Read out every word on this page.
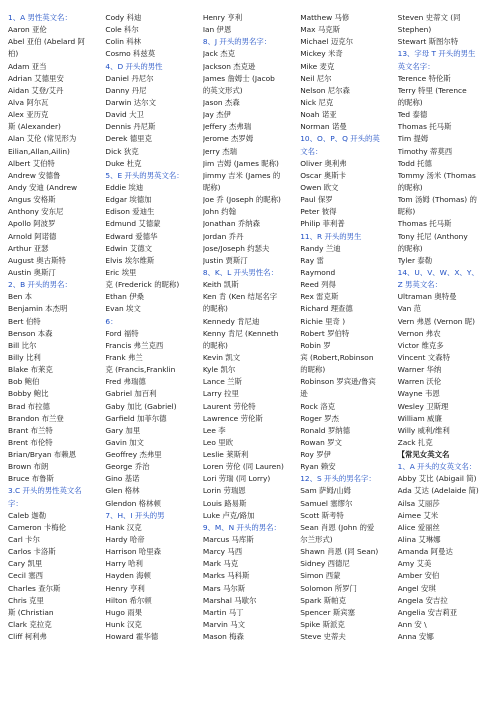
1、A 男性英文名：
Aaron 亚伦
Abel 亚伯 (Abelard 阿
柏)
Adam 亚当
Adrian 艾德里安
Aidan 艾登/艾丹
Alva 阿尔瓦
Alex 亚历克
斯 (Alexander)
Alan 艾伦 (常见形为
Eilian,Allan,Ailin)
Albert 艾伯特
Andrew 安德鲁
Andy 安迪 (Andrew
Angus 安格斯
Anthony 安东尼
Apollo 阿波罗
Arnold 阿诺德
Arthur 亚瑟
August 奥古斯特
Austin 奥斯汀
2、B 开头的男名：
Ben 本
Benjamin 本杰明
Bert 伯特
Benson 本森
Bill 比尔
Billy 比利
Blake 布莱克
Bob 鲍伯
Bobby 鲍比
Brad 布拉德
Brandon 布兰登
Brant 布兰特
Brent 布伦特
Brian/Bryan 布赖恩
Brown 布朗
Bruce 布鲁斯
3.C 开头的男性英文名
字：
Caleb 迦勒
Cameron 卡梅伦
Carl 卡尔
Carlos 卡洛斯
Cary 凯里
Cecil 塞西
Charles 查尔斯
Chris 克里
斯 (Christian
Clark 克拉克
Cliff 柯利弗
Cody 科迪
Cole 科尔
Colin 科林
Cosmo 科兹莫
4、D 开头的男性
Daniel 丹尼尔
Danny 丹尼
Darwin 达尔文
David 大卫
Dennis 丹尼斯
Derek 德里克
Dick 狄克
Duke 杜克
5、E 开头的男英文名：
Eddie 埃迪
Edgar 埃德加
Edison 爱迪生
Edmund 艾德蒙
Edward 爱德华
Edwin 艾德文
Elvis 埃尔维斯
Eric 埃里
克 (Frederick 的昵称)
Ethan 伊桑
Evan 埃文
6：
Ford 福特
Francis 弗兰克西
Frank 弗兰
克 (Francis,Franklin
Fred 弗瑞德
Gabriel 加百利
Gaby 加比 (Gabriel)
Garfield 加菲尔德
Gary 加里
Gavin 加文
Geoffrey 杰弗里
George 乔治
Gino 基诺
Glen 格林
Glendon 格林顿
7、H、I 开头的男
Hank 汉克
Hardy 哈帝
Harrison 哈里森
Harry 哈利
Hayden 海顿
Henry 亨利
Hilton 希尔顿
Hugo 雨果
Hunk 汉克
Howard 霍华德
Henry 亨利
Ian 伊恩
8、J 开头的男名字：
Jack 杰克
Jackson 杰克逊
James 詹姆士 (Jacob
的英文形式)
Jason 杰森
Jay 杰伊
Jeffery 杰弗瑞
Jerome 杰罗姆
Jerry 杰瑞
Jim 吉姆 (James 昵称)
Jimmy 吉米 (James 的
昵称)
Joe 乔 (Joseph 的昵称)
John 约翰
Jonathan 乔纳森
Jordan 乔丹
Jose/Joseph 约瑟夫
Justin 贾斯汀
8、K、L 开头男性名：
Keith 凯斯
Ken 肯 (Ken 结尾名字
的昵称)
Kennedy 肯尼迪
Kenny 肯尼 (Kenneth
的昵称)
Kevin 凯文
Kyle 凯尔
Lance 兰斯
Larry 拉里
Laurent 劳伦特
Lawrence 劳伦斯
Lee 李
Leo 里欧
Leslie 莱斯利
Loren 劳伦 (同 Lauren)
Lori 劳瑞 (同 Lorry)
Lorin 劳瑞恩
Louis 路易斯
Luke 卢克/路加
9、M、N 开头的男名：
Marcus 马库斯
Marcy 马西
Mark 马克
Marks 马科斯
Mars 马尔斯
Marshal 马歇尔
Martin 马丁
Marvin 马文
Mason 梅森
Matthew 马修
Max 马克斯
Michael 迈克尔
Mickey 米奇
Mike 麦克
Neil 尼尔
Nelson 尼尔森
Nick 尼克
Noah 诺亚
Norman 诺曼
10、O、P、Q 开头的英
文名：
Oliver 奥利弗
Oscar 奥斯卡
Owen 欧文
Paul 保罗
Peter 彼得
Philip 菲利普
11、R 开头的男生
Randy 兰迪
Ray 雷
Raymond
Reed 列得
Rex 雷克斯
Richard 理查德
Richie 里奇 )
Robert 罗伯特
Robin 罗
宾 (Robert,Robinson
的昵称)
Robinson 罗宾逊/鲁宾
逊
Rock 洛克
Roger 罗杰
Ronald 罗纳德
Rowan 罗文
Roy 罗伊
Ryan 赖安
12、S 开头的男名字：
Sam 萨姆/山姆
Samuel 塞缪尔
Scott 斯考特
Sean 肖恩 (John 的爱
尔兰形式)
Shawn 肖恩 (同 Sean)
Sidney 西德尼
Simon 西蒙
Solomon 所罗门
Spark 斯帕克
Spencer 斯宾塞
Spike 斯派克
Steve 史蒂夫
Steven 史蒂文 (同
Stephen)
Stewart 斯图尔特
13、字母 T 开头的男生
英文名字：
Terence 特伦斯
Terry 特里 (Terence
的昵称)
Ted 泰德
Thomas 托马斯
Tim 提姆
Timothy 蒂莫西
Todd 托德
Tommy 汤米 (Thomas
的昵称)
Tom 汤姆 (Thomas) 的
昵称)
Thomas 托马斯
Tony 托尼 (Anthony
的昵称)
Tyler 泰勒
14、U、V、W、X、Y、
Z 男英文名：
Ultraman 奥特曼
Van 范
Vern 弗恩 (Vernon 昵)
Vernon 弗农
Victor 维克多
Vincent 文森特
Warner 华纳
Warren 沃伦
Wayne 韦恩
Wesley 卫斯理
William 威廉
Willy 威利/维利
Zack 扎克
【常见女英文名
1、A 开头的女英文名：
Abby 艾比 (Abigail 简)
Ada 艾达 (Adelaide 简)
Ailsa 艾丽莎
Aimee 艾米
Alice 爱丽丝
Alina 艾琳娜
Amanda 阿曼达
Amy 艾美
Amber 安伯
Angel 安琪
Angela 安吉拉
Angelia 安吉莉亚
Ann 安 \
Anna 安娜
